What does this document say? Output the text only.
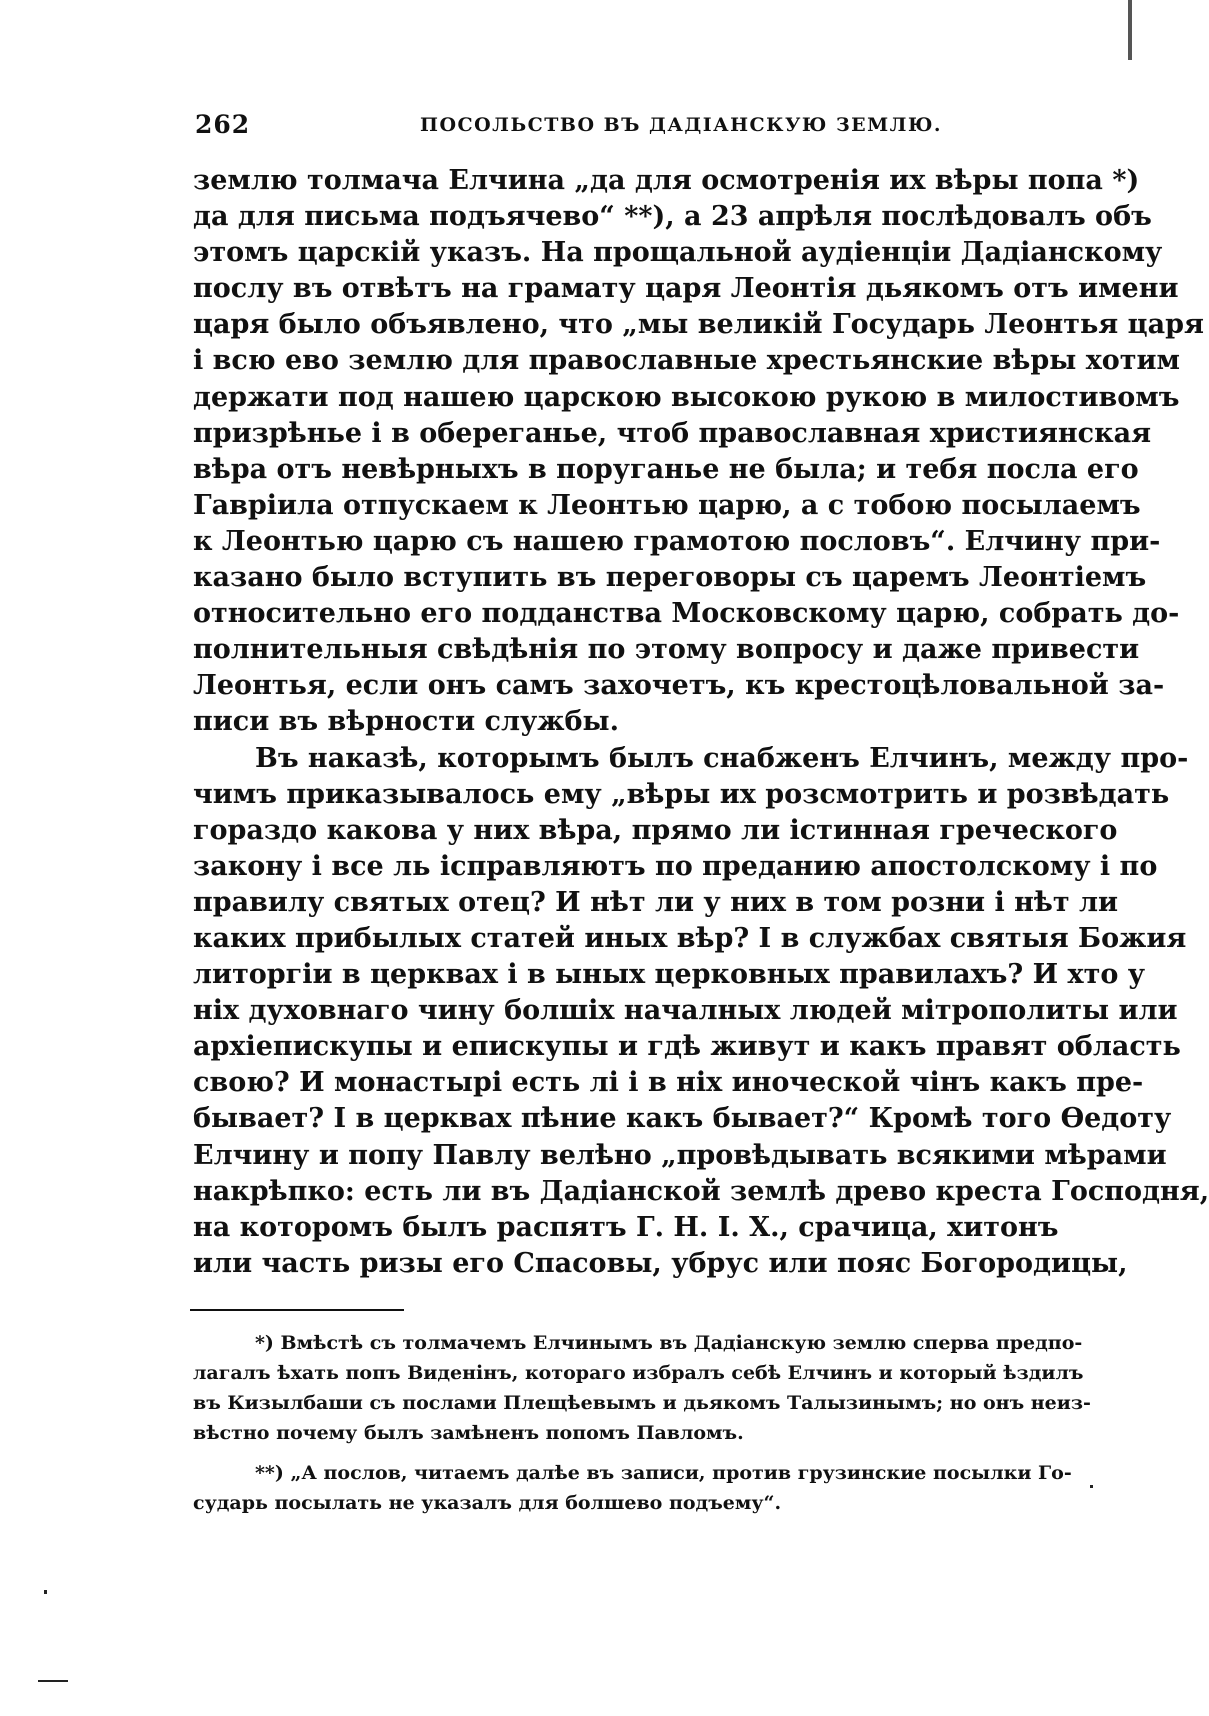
262	ПОСОЛЬСТВО ВЪ ДАДІАНСКУЮ ЗЕМЛЮ.
землю толмача Елчина „да для осмотренія их вѣры попа *)
да для письма подъячево“ **), а 23 апрѣля послѣдовалъ объ
этомъ царскій указъ. На прощальной аудіенціи Дадіанскому
послу въ отвѣтъ на грамату царя Леонтія дьякомъ отъ имени
царя было объявлено, что „мы великій Государь Леонтья царя
і всю ево землю для православные хрестьянские вѣры хотим
держати под нашею царскою высокою рукою в милостивомъ
призрѣнье і в обереганье, чтоб православная християнская
вѣра отъ невѣрныхъ в поруганье не была; и тебя посла его
Гавріила отпускаем к Леонтью царю, а с тобою посылаемъ
к Леонтью царю съ нашею грамотою пословъ“. Елчину при-
казано было вступить въ переговоры съ царемъ Леонтіемъ
относительно его подданства Московскому царю, собрать до-
полнительныя свѣдѣнія по этому вопросу и даже привести
Леонтья, если онъ самъ захочетъ, къ крестоцѣловальной за-
писи въ вѣрности службы.
Въ наказѣ, которымъ былъ снабженъ Елчинъ, между про-
чимъ приказывалось ему „вѣры их розсмотрить и розвѣдать
гораздо какова у них вѣра, прямо ли істинная греческого
закону і все ль ісправляютъ по преданию апостолскому і по
правилу святых отец? И нѣт ли у них в том розни і нѣт ли
каких прибылых статей иных вѣр? І в службах святыя Божия
литоргіи в церквах і в ыных церковных правилахъ? И хто у
ніх духовнаго чину болшіх началных людей мітрополиты или
архіепискупы и епискупы и гдѣ живут и какъ правят область
свою? И монастырі есть лі і в ніх иноческой чінъ какъ пре-
бывает? І в церквах пѣние какъ бывает?“ Кромѣ того Ѳедоту
Елчину и попу Павлу велѣно „провѣдывать всякими мѣрами
накрѣпко: есть ли въ Дадіанской землѣ древо креста Господня,
на которомъ былъ распятъ Г. Н. І. Х., срачица, хитонъ
или часть ризы его Спасовы, убрус или пояс Богородицы,
*) Вмѣстѣ съ толмачемъ Елчинымъ въ Дадіанскую землю сперва предпо-
лагалъ ѣхать попъ Виденінъ, котораго избралъ себѣ Елчинъ и который ѣздилъ
въ Кизылбаши съ послами Плещѣевымъ и дьякомъ Талызинымъ; но онъ неиз-
вѣстно почему былъ замѣненъ попомъ Павломъ.
**) „А послов, читаемъ далѣе въ записи, против грузинские посылки Го-
сударь посылать не указалъ для болшево подъему“.
